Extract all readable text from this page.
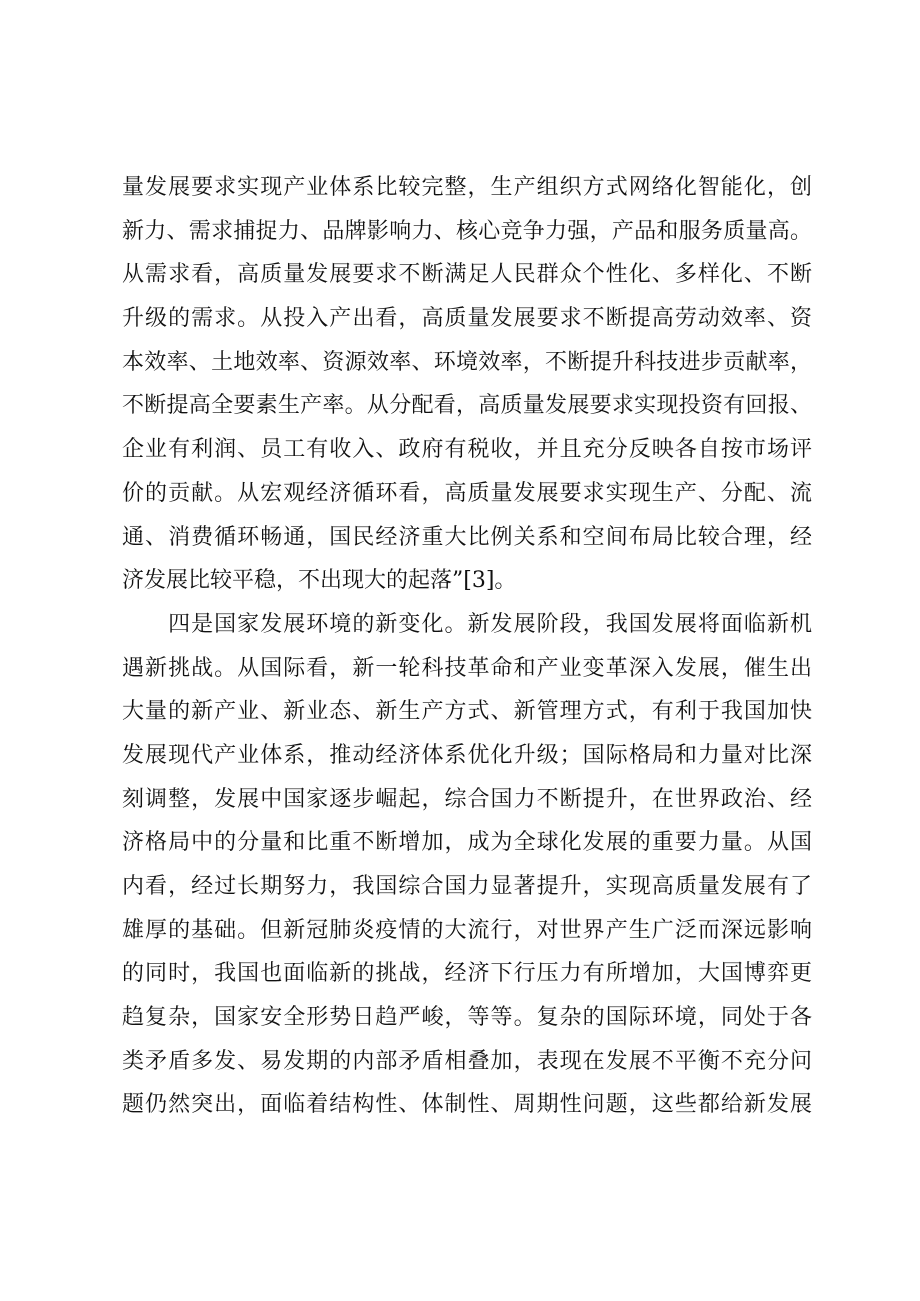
量发展要求实现产业体系比较完整，生产组织方式网络化智能化，创
新力、需求捕捉力、品牌影响力、核心竞争力强，产品和服务质量高。
从需求看，高质量发展要求不断满足人民群众个性化、多样化、不断
升级的需求。从投入产出看，高质量发展要求不断提高劳动效率、资
本效率、土地效率、资源效率、环境效率，不断提升科技进步贡献率，
不断提高全要素生产率。从分配看，高质量发展要求实现投资有回报、
企业有利润、员工有收入、政府有税收，并且充分反映各自按市场评
价的贡献。从宏观经济循环看，高质量发展要求实现生产、分配、流
通、消费循环畅通，国民经济重大比例关系和空间布局比较合理，经
济发展比较平稳，不出现大的起落”[3]。
　　四是国家发展环境的新变化。新发展阶段，我国发展将面临新机
遇新挑战。从国际看，新一轮科技革命和产业变革深入发展，催生出
大量的新产业、新业态、新生产方式、新管理方式，有利于我国加快
发展现代产业体系，推动经济体系优化升级；国际格局和力量对比深
刻调整，发展中国家逐步崛起，综合国力不断提升，在世界政治、经
济格局中的分量和比重不断增加，成为全球化发展的重要力量。从国
内看，经过长期努力，我国综合国力显著提升，实现高质量发展有了
雄厚的基础。但新冠肺炎疫情的大流行，对世界产生广泛而深远影响
的同时，我国也面临新的挑战，经济下行压力有所增加，大国博弈更
趋复杂，国家安全形势日趋严峻，等等。复杂的国际环境，同处于各
类矛盾多发、易发期的内部矛盾相叠加，表现在发展不平衡不充分问
题仍然突出，面临着结构性、体制性、周期性问题，这些都给新发展
